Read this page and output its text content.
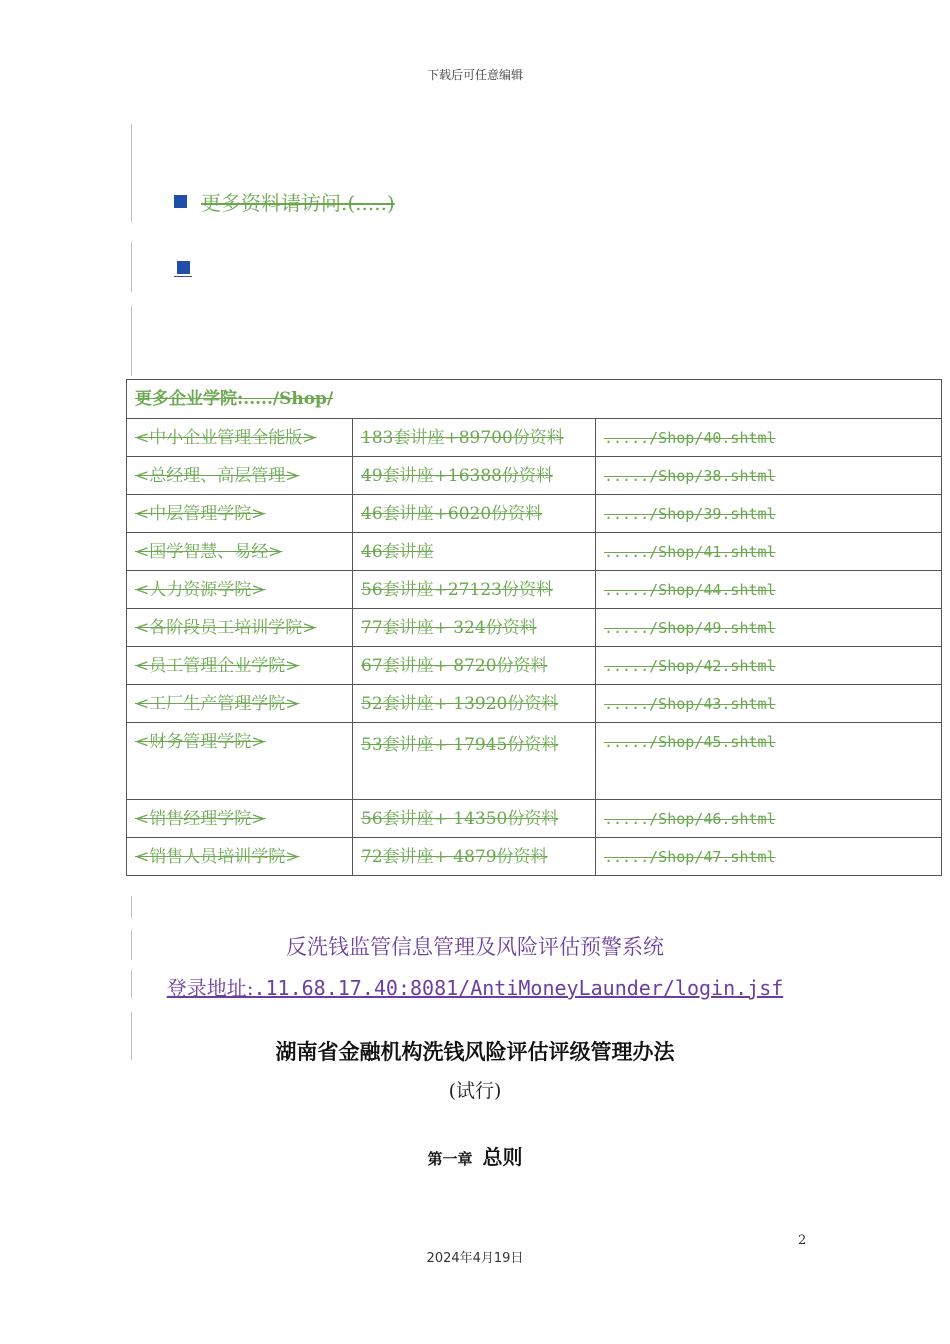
下载后可任意编辑
更多资料请访问.(.....)
更多企业学院:...../Shop/		
<中小企业管理全能版>	183套讲座+89700份资料	...../Shop/40.shtml
<总经理、高层管理>	49套讲座+16388份资料	...../Shop/38.shtml
<中层管理学院>	46套讲座+6020份资料	...../Shop/39.shtml
<国学智慧、易经>	46套讲座	...../Shop/41.shtml
<人力资源学院>	56套讲座+27123份资料	...../Shop/44.shtml
<各阶段员工培训学院>	77套讲座+ 324份资料	...../Shop/49.shtml
<员工管理企业学院>	67套讲座+ 8720份资料	...../Shop/42.shtml
<工厂生产管理学院>	52套讲座+ 13920份资料	...../Shop/43.shtml
<财务管理学院>	53套讲座+ 17945份资料	...../Shop/45.shtml
<销售经理学院>	56套讲座+ 14350份资料	...../Shop/46.shtml
<销售人员培训学院>	72套讲座+ 4879份资料	...../Shop/47.shtml
反洗钱监管信息管理及风险评估预警系统
登录地址:.11.68.17.40:8081/AntiMoneyLaunder/login.jsf
湖南省金融机构洗钱风险评估评级管理办法
(试行)
第一章 总则
2
2024年4月19日
